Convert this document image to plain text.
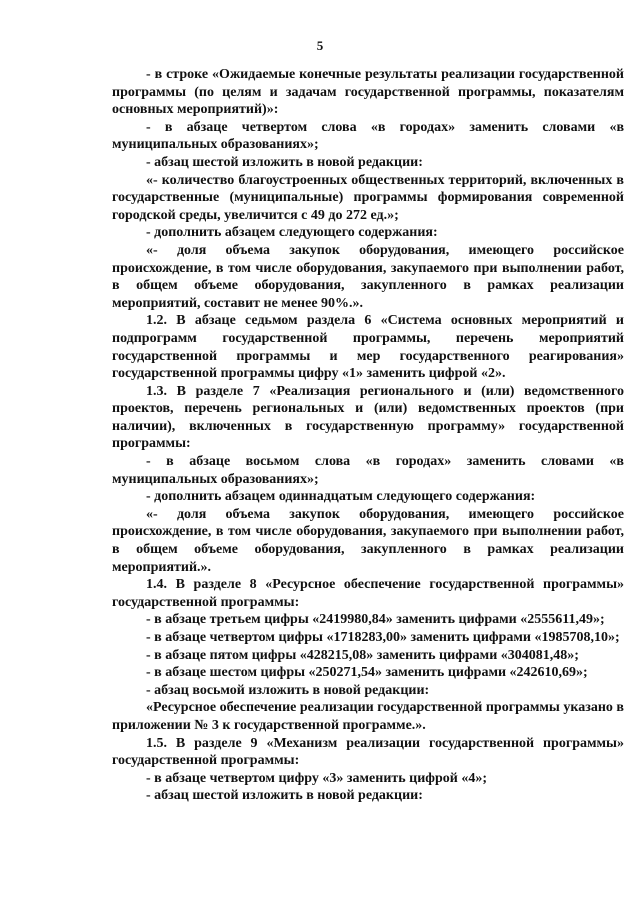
5

- в строке «Ожидаемые конечные результаты реализации государственной программы (по целям и задачам государственной программы, показателям основных мероприятий)»:

- в абзаце четвертом слова «в городах» заменить словами «в муниципальных образованиях»;

- абзац шестой изложить в новой редакции:

«- количество благоустроенных общественных территорий, включенных в государственные (муниципальные) программы формирования современной городской среды, увеличится с 49 до 272 ед.»;

- дополнить абзацем следующего содержания:

«- доля объема закупок оборудования, имеющего российское происхождение, в том числе оборудования, закупаемого при выполнении работ, в общем объеме оборудования, закупленного в рамках реализации мероприятий, составит не менее 90%.».

1.2. В абзаце седьмом раздела 6 «Система основных мероприятий и подпрограмм государственной программы, перечень мероприятий государственной программы и мер государственного реагирования» государственной программы цифру «1» заменить цифрой «2».

1.3. В разделе 7 «Реализация регионального и (или) ведомственного проектов, перечень региональных и (или) ведомственных проектов (при наличии), включенных в государственную программу» государственной программы:

- в абзаце восьмом слова «в городах» заменить словами «в муниципальных образованиях»;

- дополнить абзацем одиннадцатым следующего содержания:

«- доля объема закупок оборудования, имеющего российское происхождение, в том числе оборудования, закупаемого при выполнении работ, в общем объеме оборудования, закупленного в рамках реализации мероприятий.».

1.4. В разделе 8 «Ресурсное обеспечение государственной программы» государственной программы:

- в абзаце третьем цифры «2419980,84» заменить цифрами «2555611,49»;

- в абзаце четвертом цифры «1718283,00» заменить цифрами «1985708,10»;

- в абзаце пятом цифры «428215,08» заменить цифрами «304081,48»;

- в абзаце шестом цифры «250271,54» заменить цифрами «242610,69»;

- абзац восьмой изложить в новой редакции:

«Ресурсное обеспечение реализации государственной программы указано в приложении № 3 к государственной программе.».

1.5. В разделе 9 «Механизм реализации государственной программы» государственной программы:

- в абзаце четвертом цифру «3» заменить цифрой «4»;

- абзац шестой изложить в новой редакции:
